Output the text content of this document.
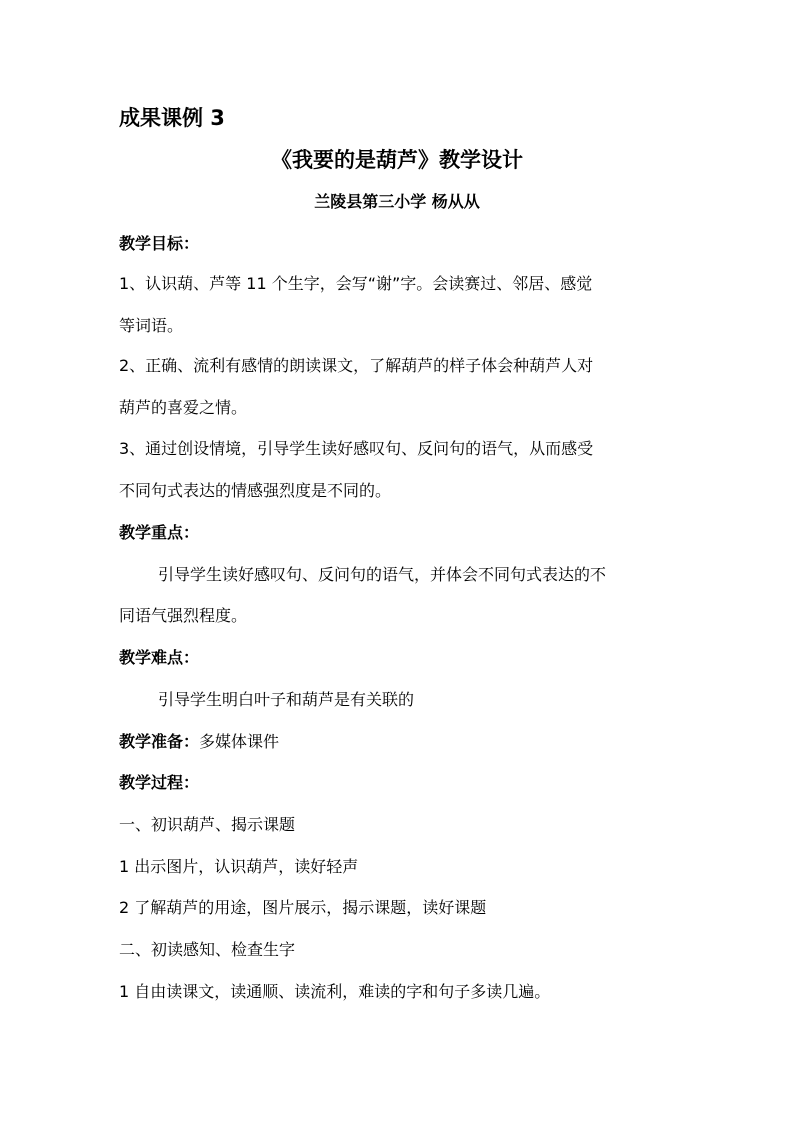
成果课例 3
《我要的是葫芦》教学设计
兰陵县第三小学 杨从从
教学目标：
1、认识葫、芦等 11 个生字，会写“谢”字。会读赛过、邻居、感觉
等词语。
2、正确、流利有感情的朗读课文，了解葫芦的样子体会种葫芦人对
葫芦的喜爱之情。
3、通过创设情境，引导学生读好感叹句、反问句的语气，从而感受
不同句式表达的情感强烈度是不同的。
教学重点：
引导学生读好感叹句、反问句的语气，并体会不同句式表达的不
同语气强烈程度。
教学难点：
引导学生明白叶子和葫芦是有关联的
教学准备：多媒体课件
教学过程：
一、初识葫芦、揭示课题
1 出示图片，认识葫芦，读好轻声
2 了解葫芦的用途，图片展示，揭示课题，读好课题
二、初读感知、检查生字
1 自由读课文，读通顺、读流利，难读的字和句子多读几遍。
